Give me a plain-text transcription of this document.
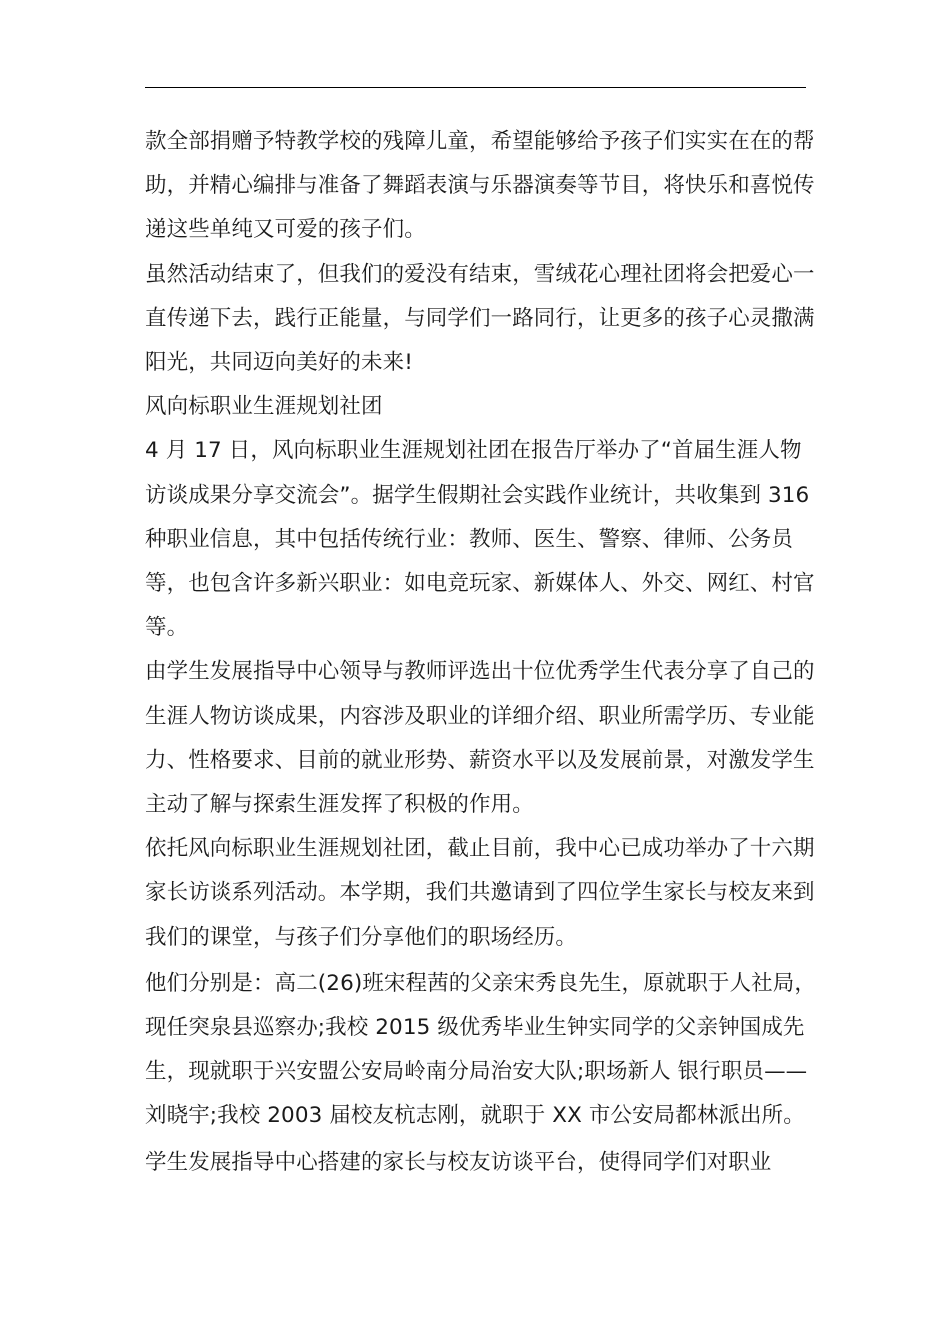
款全部捐赠予特教学校的残障儿童，希望能够给予孩子们实实在在的帮助，并精心编排与准备了舞蹈表演与乐器演奏等节目，将快乐和喜悦传递这些单纯又可爱的孩子们。

虽然活动结束了，但我们的爱没有结束，雪绒花心理社团将会把爱心一直传递下去，践行正能量，与同学们一路同行，让更多的孩子心灵撒满阳光，共同迈向美好的未来!

风向标职业生涯规划社团

4 月 17 日，风向标职业生涯规划社团在报告厅举办了“首届生涯人物访谈成果分享交流会”。据学生假期社会实践作业统计，共收集到 316 种职业信息，其中包括传统行业：教师、医生、警察、律师、公务员等，也包含许多新兴职业：如电竞玩家、新媒体人、外交、网红、村官等。

由学生发展指导中心领导与教师评选出十位优秀学生代表分享了自己的生涯人物访谈成果，内容涉及职业的详细介绍、职业所需学历、专业能力、性格要求、目前的就业形势、薪资水平以及发展前景，对激发学生主动了解与探索生涯发挥了积极的作用。

依托风向标职业生涯规划社团，截止目前，我中心已成功举办了十六期家长访谈系列活动。本学期，我们共邀请到了四位学生家长与校友来到我们的课堂，与孩子们分享他们的职场经历。

他们分别是：高二(26)班宋程茜的父亲宋秀良先生，原就职于人社局，现任突泉县巡察办;我校 2015 级优秀毕业生钟实同学的父亲钟国成先生，现就职于兴安盟公安局岭南分局治安大队;职场新人 银行职员——刘晓宇;我校 2003 届校友杭志刚，就职于 XX 市公安局都林派出所。

学生发展指导中心搭建的家长与校友访谈平台，使得同学们对职业
